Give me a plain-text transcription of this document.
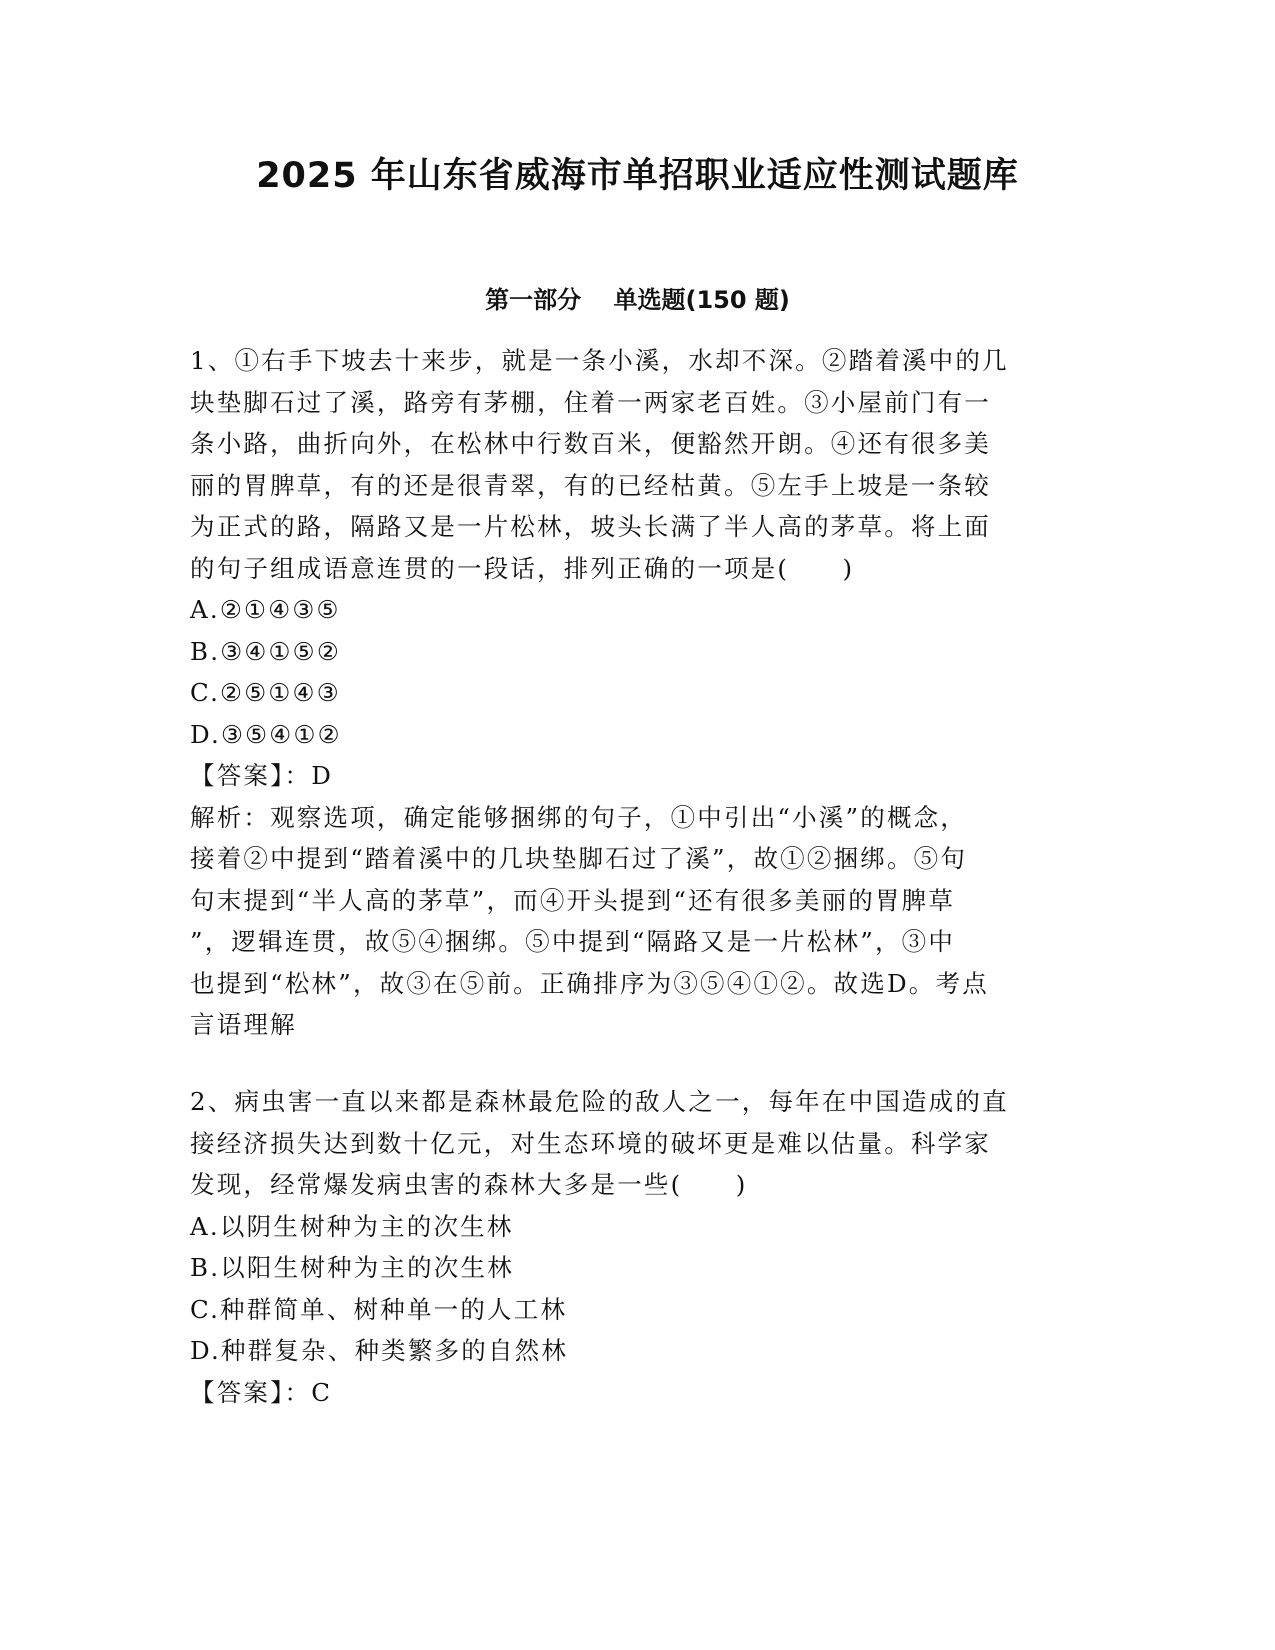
2025 年山东省威海市单招职业适应性测试题库
第一部分　 单选题(150 题)
1、①右手下坡去十来步，就是一条小溪，水却不深。②踏着溪中的几
块垫脚石过了溪，路旁有茅棚，住着一两家老百姓。③小屋前门有一
条小路，曲折向外，在松林中行数百米，便豁然开朗。④还有很多美
丽的胃脾草，有的还是很青翠，有的已经枯黄。⑤左手上坡是一条较
为正式的路，隔路又是一片松林，坡头长满了半人高的茅草。将上面
的句子组成语意连贯的一段话，排列正确的一项是(　　)
A.②①④③⑤
B.③④①⑤②
C.②⑤①④③
D.③⑤④①②
【答案】：D
解析：观察选项，确定能够捆绑的句子，①中引出“小溪”的概念，
接着②中提到“踏着溪中的几块垫脚石过了溪”，故①②捆绑。⑤句
句末提到“半人高的茅草”，而④开头提到“还有很多美丽的胃脾草
”，逻辑连贯，故⑤④捆绑。⑤中提到“隔路又是一片松林”，③中
也提到“松林”，故③在⑤前。正确排序为③⑤④①②。故选D。考点
言语理解
2、病虫害一直以来都是森林最危险的敌人之一，每年在中国造成的直
接经济损失达到数十亿元，对生态环境的破坏更是难以估量。科学家
发现，经常爆发病虫害的森林大多是一些(　　)
A.以阴生树种为主的次生林
B.以阳生树种为主的次生林
C.种群简单、树种单一的人工林
D.种群复杂、种类繁多的自然林
【答案】：C
